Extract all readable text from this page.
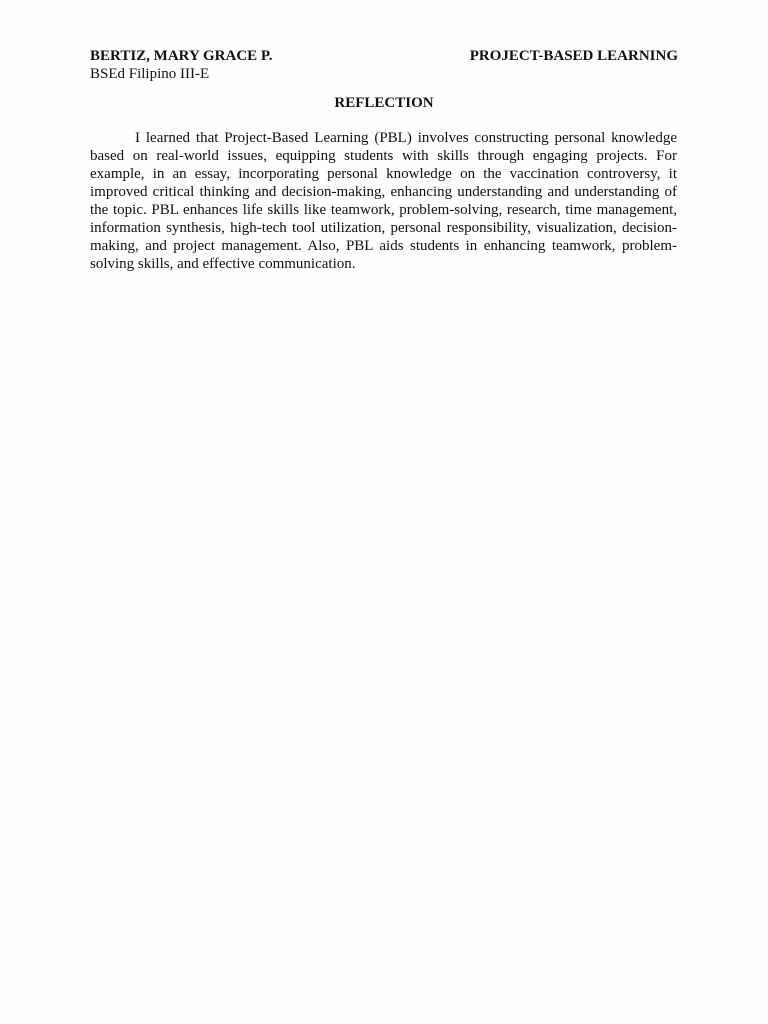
BERTIZ, MARY GRACE P.	PROJECT-BASED LEARNING
BSEd Filipino III-E
REFLECTION

I learned that Project-Based Learning (PBL) involves constructing personal knowledge based on real-world issues, equipping students with skills through engaging projects. For example, in an essay, incorporating personal knowledge on the vaccination controversy, it improved critical thinking and decision-making, enhancing understanding and understanding of the topic. PBL enhances life skills like teamwork, problem-solving, research, time management, information synthesis, high-tech tool utilization, personal responsibility, visualization, decision-making, and project management. Also, PBL aids students in enhancing teamwork, problem-solving skills, and effective communication.
